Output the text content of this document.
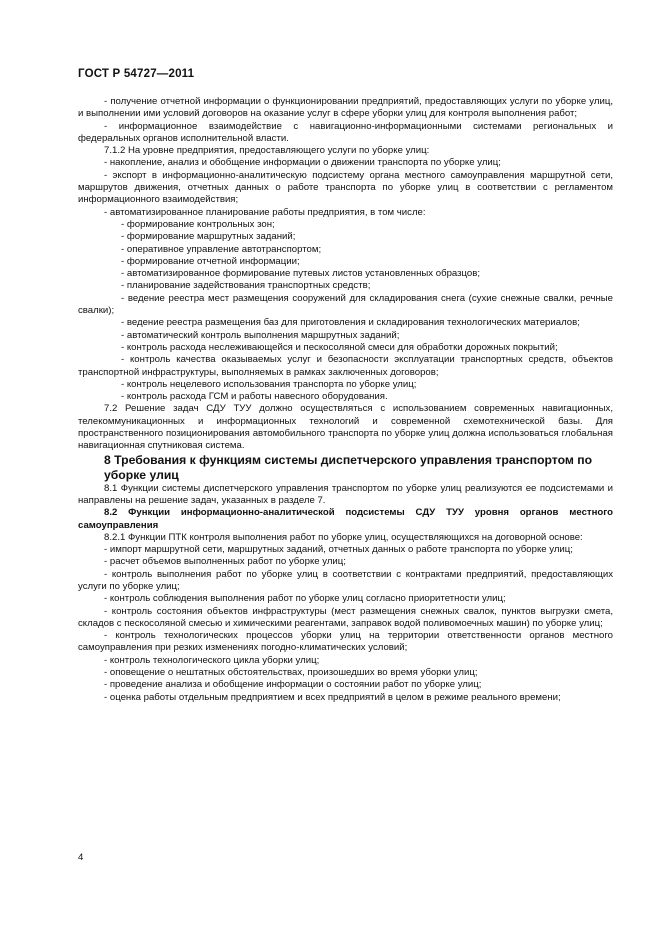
ГОСТ Р 54727—2011

- получение отчетной информации о функционировании предприятий, предоставляющих услуги по уборке улиц, и выполнении ими условий договоров на оказание услуг в сфере уборки улиц для контроля выполнения работ;

- информационное взаимодействие с навигационно-информационными системами региональных и федеральных органов исполнительной власти.

7.1.2 На уровне предприятия, предоставляющего услуги по уборке улиц:

- накопление, анализ и обобщение информации о движении транспорта по уборке улиц;

- экспорт в информационно-аналитическую подсистему органа местного самоуправления маршрутной сети, маршрутов движения, отчетных данных о работе транспорта по уборке улиц в соответствии с регламентом информационного взаимодействия;

- автоматизированное планирование работы предприятия, в том числе:

- формирование контрольных зон;

- формирование маршрутных заданий;

- оперативное управление автотранспортом;

- формирование отчетной информации;

- автоматизированное формирование путевых листов установленных образцов;

- планирование задействования транспортных средств;

- ведение реестра мест размещения сооружений для складирования снега (сухие снежные свалки, речные свалки);

- ведение реестра размещения баз для приготовления и складирования технологических материалов;

- автоматический контроль выполнения маршрутных заданий;

- контроль расхода неслеживающейся и пескосоляной смеси для обработки дорожных покрытий;

- контроль качества оказываемых услуг и безопасности эксплуатации транспортных средств, объектов транспортной инфраструктуры, выполняемых в рамках заключенных договоров;

- контроль нецелевого использования транспорта по уборке улиц;

- контроль расхода ГСМ и работы навесного оборудования.

7.2 Решение задач СДУ ТУУ должно осуществляться с использованием современных навигационных, телекоммуникационных и информационных технологий и современной схемотехнической базы. Для пространственного позиционирования автомобильного транспорта по уборке улиц должна использоваться глобальная навигационная спутниковая система.

8 Требования к функциям системы диспетчерского управления транспортом по уборке улиц

8.1 Функции системы диспетчерского управления транспортом по уборке улиц реализуются ее подсистемами и направлены на решение задач, указанных в разделе 7.

8.2 Функции информационно-аналитической подсистемы СДУ ТУУ уровня органов местного самоуправления

8.2.1 Функции ПТК контроля выполнения работ по уборке улиц, осуществляющихся на договорной основе:

- импорт маршрутной сети, маршрутных заданий, отчетных данных о работе транспорта по уборке улиц;

- расчет объемов выполненных работ по уборке улиц;

- контроль выполнения работ по уборке улиц в соответствии с контрактами предприятий, предоставляющих услуги по уборке улиц;

- контроль соблюдения выполнения работ по уборке улиц согласно приоритетности улиц;

- контроль состояния объектов инфраструктуры (мест размещения снежных свалок, пунктов выгрузки смета, складов с пескосоляной смесью и химическими реагентами, заправок водой поливомоечных машин) по уборке улиц;

- контроль технологических процессов уборки улиц на территории ответственности органов местного самоуправления при резких изменениях погодно-климатических условий;

- контроль технологического цикла уборки улиц;

- оповещение о нештатных обстоятельствах, произошедших во время уборки улиц;

- проведение анализа и обобщение информации о состоянии работ по уборке улиц;

- оценка работы отдельным предприятием и всех предприятий в целом в режиме реального времени;

4
